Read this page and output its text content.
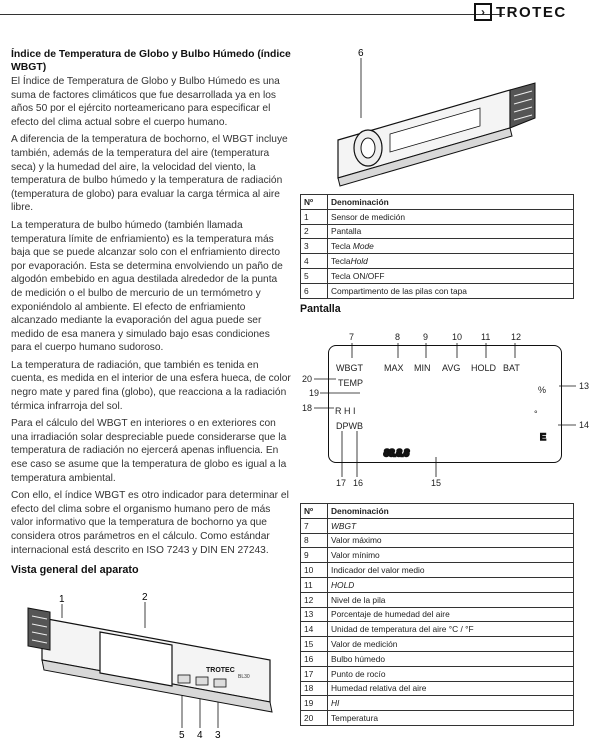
› TROTEC
Índice de Temperatura de Globo y Bulbo Húmedo (índice WBGT)

El Índice de Temperatura de Globo y Bulbo Húmedo es una suma de factores climáticos que fue desarrollada ya en los años 50 por el ejército norteamericano para especificar el efecto del clima actual sobre el cuerpo humano.

A diferencia de la temperatura de bochorno, el WBGT incluye también, además de la temperatura del aire (temperatura seca) y la humedad del aire, la velocidad del viento, la temperatura de bulbo húmedo y la temperatura de radiación (temperatura de globo) para evaluar la carga térmica al aire libre.

La temperatura de bulbo húmedo (también llamada temperatura límite de enfriamiento) es la temperatura más baja que se puede alcanzar solo con el enfriamiento directo por evaporación. Esta se determina envolviendo un paño de algodón embebido en agua destilada alrededor de la punta de medición o el bulbo de mercurio de un termómetro y exponiéndolo al ambiente. El efecto de enfriamiento alcanzado mediante la evaporación del agua puede ser medido de esa manera y simulado bajo esas condiciones para el cuerpo humano sudoroso.

La temperatura de radiación, que también es tenida en cuenta, es medida en el interior de una esfera hueca, de color negro mate y pared fina (globo), que reacciona a la radiación térmica infrarroja del sol.

Para el cálculo del WBGT en interiores o en exteriores con una irradiación solar despreciable puede considerarse que la temperatura de radiación no ejercerá apenas influencia. En ese caso se asume que la temperatura de globo es igual a la temperatura ambiental.

Con ello, el índice WBGT es otro indicador para determinar el efecto del clima sobre el organismo humano pero de más valor informativo que la temperatura de bochorno ya que considera otros parámetros en el cálculo. Como estándar internacional está descrito en ISO 7243 y DIN EN 27243.

Vista general del aparato
1	2
5 4 3
TROTEC
BL30
6
Nº	Denominación
1	Sensor de medición
2	Pantalla
3	Tecla Mode
4	TeclaHold
5	Tecla ON/OFF
6	Compartimento de las pilas con tapa
Pantalla
7	8	9	10 11 12
20
19
18
13
14
17 16	15
WBGT MAX MIN AVG HOLD BAT
TEMP
R H I
DPWB
88.8.8
%
°
E
Nº	Denominación
7	WBGT
8	Valor máximo
9	Valor mínimo
10	Indicador del valor medio
11	HOLD
12	Nivel de la pila
13	Porcentaje de humedad del aire
14	Unidad de temperatura del aire °C / °F
15	Valor de medición
16	Bulbo húmedo
17	Punto de rocío
18	Humedad relativa del aire
19	HI
20	Temperatura
